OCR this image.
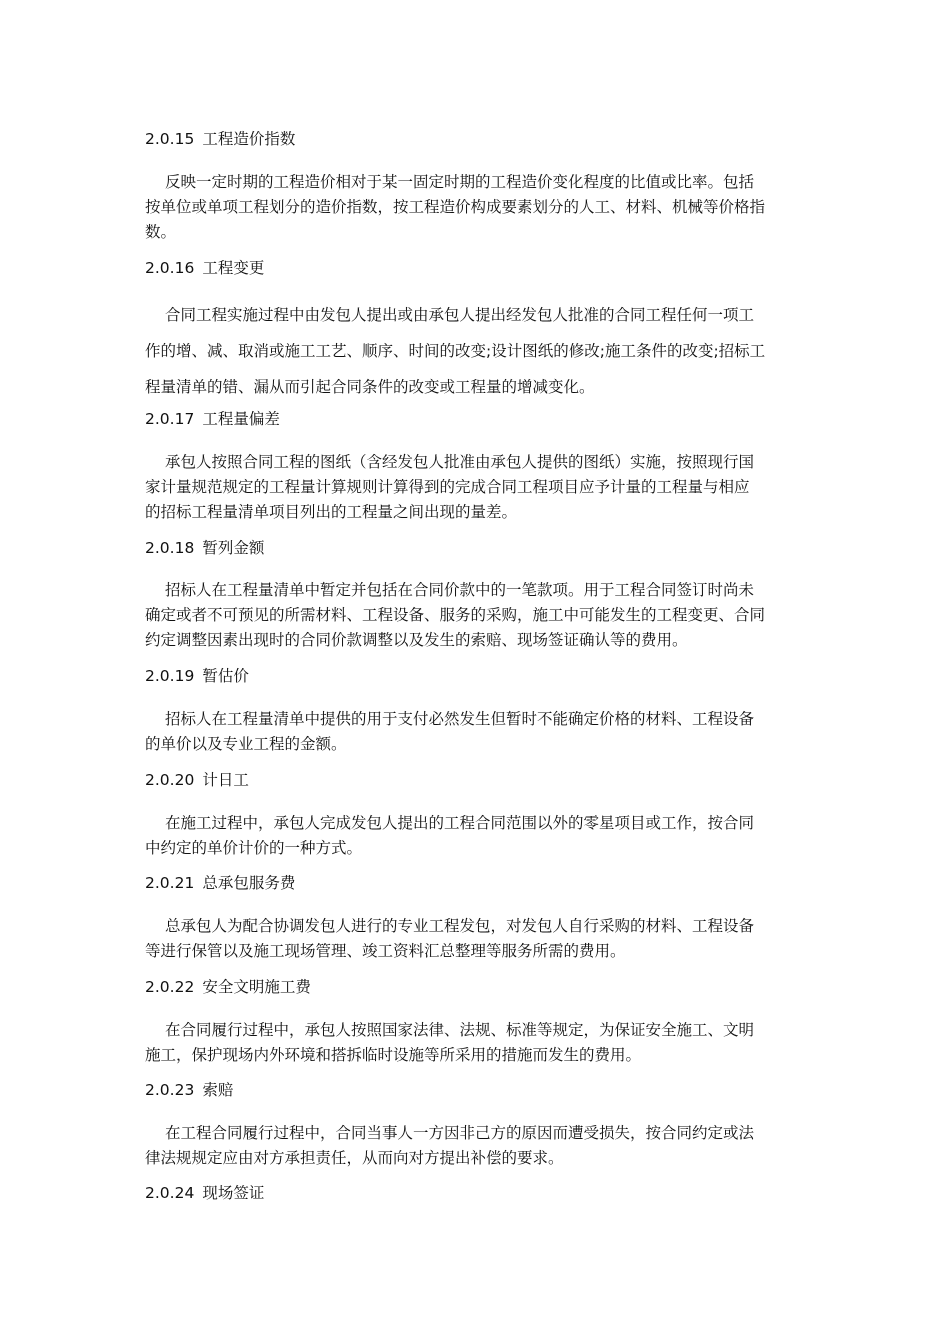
2.0.15 工程造价指数
反映一定时期的工程造价相对于某一固定时期的工程造价变化程度的比值或比率。包括
按单位或单项工程划分的造价指数，按工程造价构成要素划分的人工、材料、机械等价格指
数。
2.0.16 工程变更
合同工程实施过程中由发包人提出或由承包人提出经发包人批准的合同工程任何一项工
作的增、减、取消或施工工艺、顺序、时间的改变;设计图纸的修改;施工条件的改变;招标工
程量清单的错、漏从而引起合同条件的改变或工程量的增减变化。
2.0.17 工程量偏差
承包人按照合同工程的图纸（含经发包人批准由承包人提供的图纸）实施，按照现行国
家计量规范规定的工程量计算规则计算得到的完成合同工程项目应予计量的工程量与相应
的招标工程量清单项目列出的工程量之间出现的量差。
2.0.18 暂列金额
招标人在工程量清单中暂定并包括在合同价款中的一笔款项。用于工程合同签订时尚未
确定或者不可预见的所需材料、工程设备、服务的采购，施工中可能发生的工程变更、合同
约定调整因素出现时的合同价款调整以及发生的索赔、现场签证确认等的费用。
2.0.19 暂估价
招标人在工程量清单中提供的用于支付必然发生但暂时不能确定价格的材料、工程设备
的单价以及专业工程的金额。
2.0.20 计日工
在施工过程中，承包人完成发包人提出的工程合同范围以外的零星项目或工作，按合同
中约定的单价计价的一种方式。
2.0.21 总承包服务费
总承包人为配合协调发包人进行的专业工程发包，对发包人自行采购的材料、工程设备
等进行保管以及施工现场管理、竣工资料汇总整理等服务所需的费用。
2.0.22 安全文明施工费
在合同履行过程中，承包人按照国家法律、法规、标准等规定，为保证安全施工、文明
施工，保护现场内外环境和搭拆临时设施等所采用的措施而发生的费用。
2.0.23 索赔
在工程合同履行过程中，合同当事人一方因非己方的原因而遭受损失，按合同约定或法
律法规规定应由对方承担责任，从而向对方提出补偿的要求。
2.0.24 现场签证
